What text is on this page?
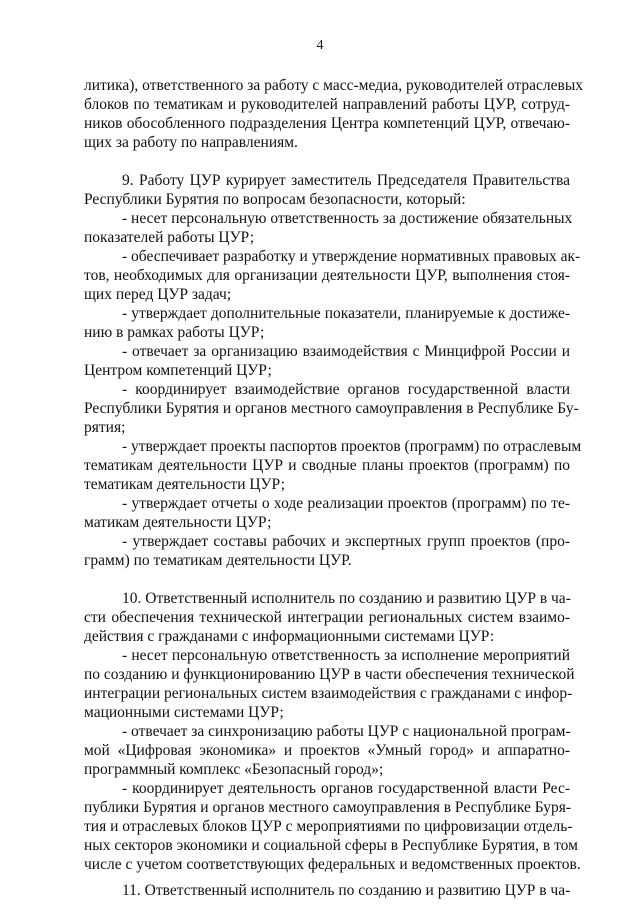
4
литика), ответственного за работу с масс-медиа, руководителей отраслевых
блоков по тематикам и руководителей направлений работы ЦУР, сотруд-
ников обособленного подразделения Центра компетенций ЦУР, отвечаю-
щих за работу по направлениям.
9. Работу ЦУР курирует заместитель Председателя Правительства
Республики Бурятия по вопросам безопасности, который:
- несет персональную ответственность за достижение обязательных
показателей работы ЦУР;
- обеспечивает разработку и утверждение нормативных правовых ак-
тов, необходимых для организации деятельности ЦУР, выполнения стоя-
щих перед ЦУР задач;
- утверждает дополнительные показатели, планируемые к достиже-
нию в рамках работы ЦУР;
- отвечает за организацию взаимодействия с Минцифрой России и
Центром компетенций ЦУР;
- координирует взаимодействие органов государственной власти
Республики Бурятия и органов местного самоуправления в Республике Бу-
рятия;
- утверждает проекты паспортов проектов (программ) по отраслевым
тематикам деятельности ЦУР и сводные планы проектов (программ) по
тематикам деятельности ЦУР;
- утверждает отчеты о ходе реализации проектов (программ) по те-
матикам деятельности ЦУР;
- утверждает составы рабочих и экспертных групп проектов (про-
грамм) по тематикам деятельности ЦУР.
10. Ответственный исполнитель по созданию и развитию ЦУР в ча-
сти обеспечения технической интеграции региональных систем взаимо-
действия с гражданами с информационными системами ЦУР:
- несет персональную ответственность за исполнение мероприятий
по созданию и функционированию ЦУР в части обеспечения технической
интеграции региональных систем взаимодействия с гражданами с инфор-
мационными системами ЦУР;
- отвечает за синхронизацию работы ЦУР с национальной програм-
мой «Цифровая экономика» и проектов «Умный город» и аппаратно-
программный комплекс «Безопасный город»;
- координирует деятельность органов государственной власти Рес-
публики Бурятия и органов местного самоуправления в Республике Буря-
тия и отраслевых блоков ЦУР с мероприятиями по цифровизации отдель-
ных секторов экономики и социальной сферы в Республике Бурятия, в том
числе с учетом соответствующих федеральных и ведомственных проектов.
11. Ответственный исполнитель по созданию и развитию ЦУР в ча-
